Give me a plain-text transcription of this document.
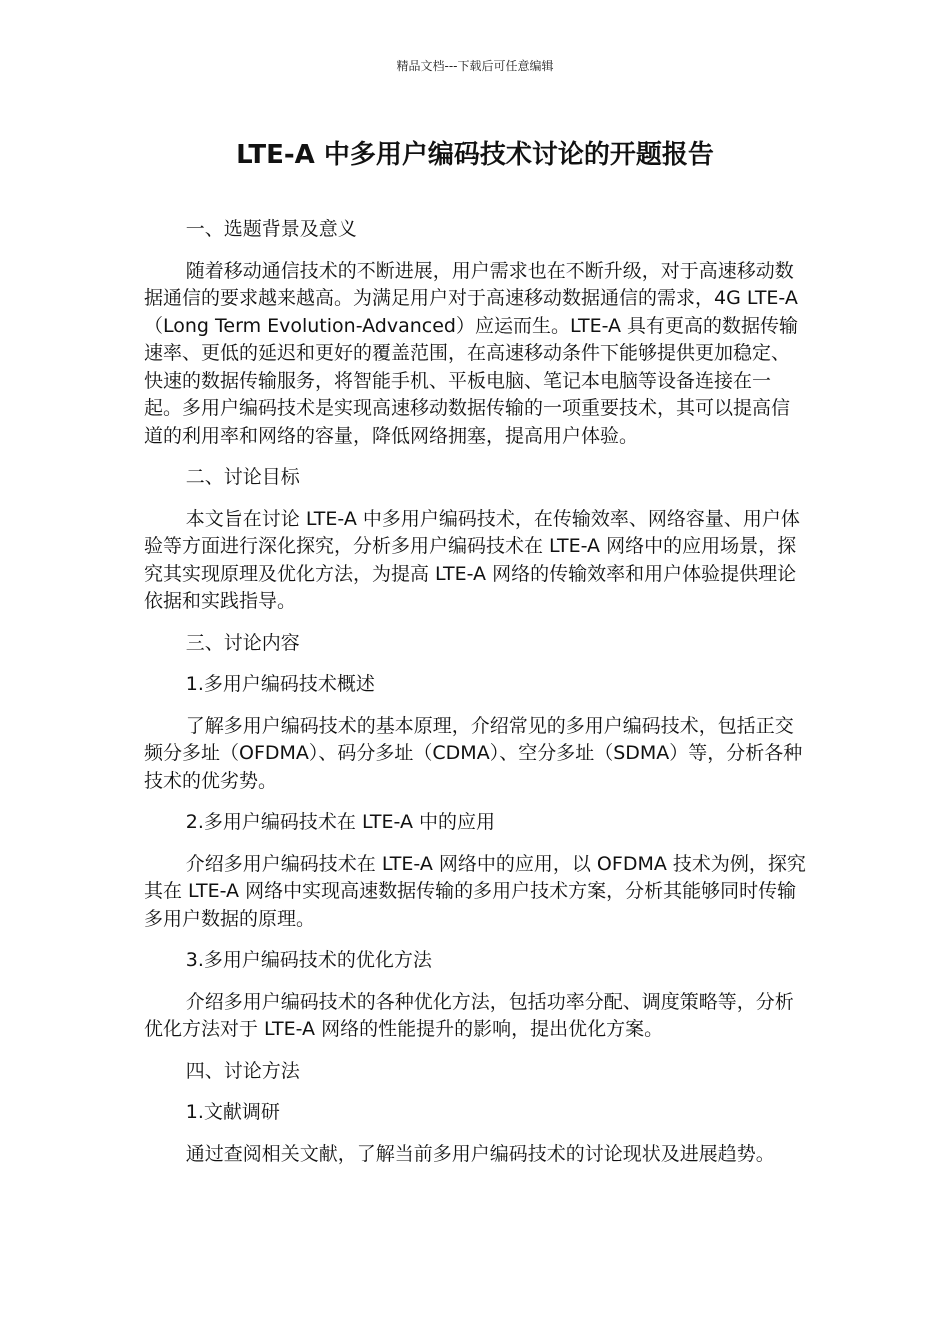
精品文档---下载后可任意编辑
LTE-A 中多用户编码技术讨论的开题报告

一、选题背景及意义

随着移动通信技术的不断进展，用户需求也在不断升级，对于高速移动数据通信的要求越来越高。为满足用户对于高速移动数据通信的需求，4G LTE-A（Long Term Evolution-Advanced）应运而生。LTE-A 具有更高的数据传输速率、更低的延迟和更好的覆盖范围，在高速移动条件下能够提供更加稳定、快速的数据传输服务，将智能手机、平板电脑、笔记本电脑等设备连接在一起。多用户编码技术是实现高速移动数据传输的一项重要技术，其可以提高信道的利用率和网络的容量，降低网络拥塞，提高用户体验。

二、讨论目标

本文旨在讨论 LTE-A 中多用户编码技术，在传输效率、网络容量、用户体验等方面进行深化探究，分析多用户编码技术在 LTE-A 网络中的应用场景，探究其实现原理及优化方法，为提高 LTE-A 网络的传输效率和用户体验提供理论依据和实践指导。

三、讨论内容

1.多用户编码技术概述

了解多用户编码技术的基本原理，介绍常见的多用户编码技术，包括正交频分多址（OFDMA）、码分多址（CDMA）、空分多址（SDMA）等，分析各种技术的优劣势。

2.多用户编码技术在 LTE-A 中的应用

介绍多用户编码技术在 LTE-A 网络中的应用，以 OFDMA 技术为例，探究其在 LTE-A 网络中实现高速数据传输的多用户技术方案，分析其能够同时传输多用户数据的原理。

3.多用户编码技术的优化方法

介绍多用户编码技术的各种优化方法，包括功率分配、调度策略等，分析优化方法对于 LTE-A 网络的性能提升的影响，提出优化方案。

四、讨论方法

1.文献调研

通过查阅相关文献，了解当前多用户编码技术的讨论现状及进展趋势。
